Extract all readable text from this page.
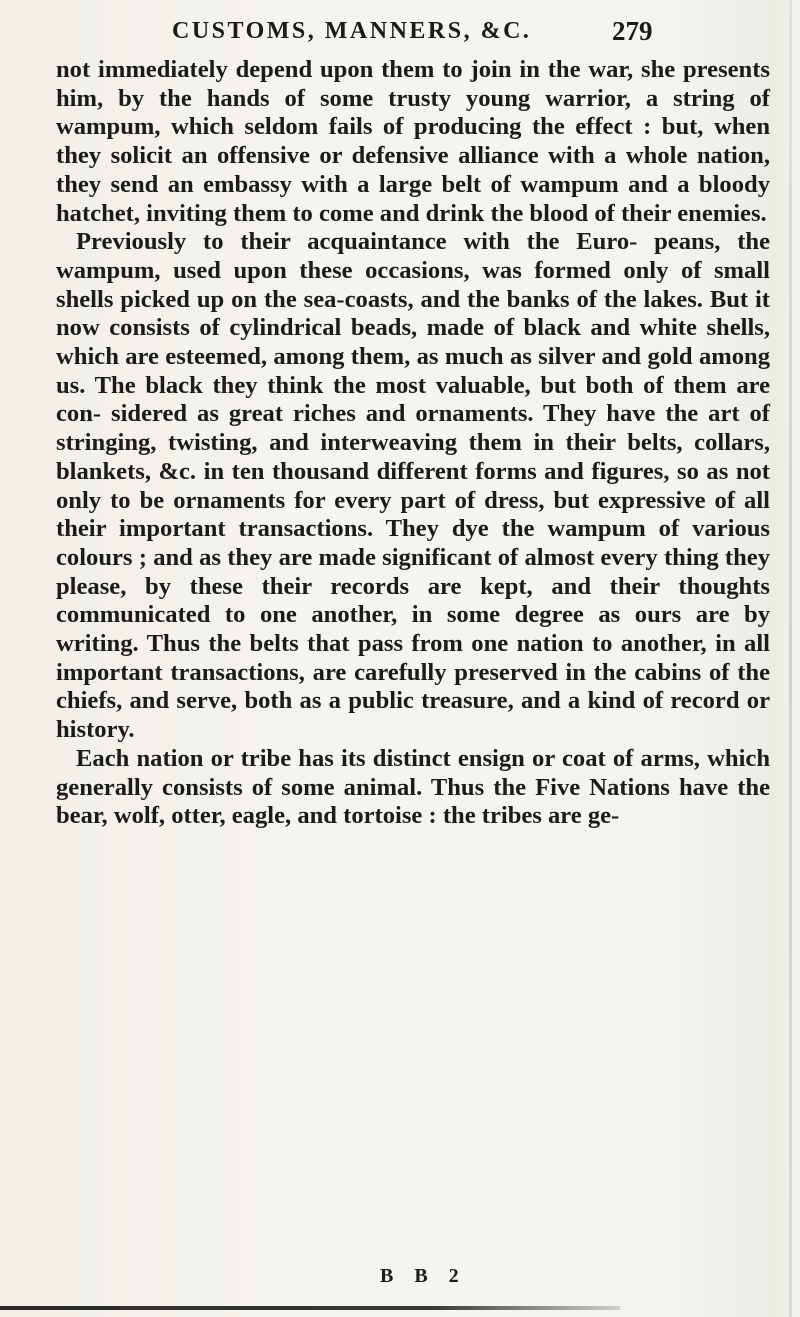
CUSTOMS, MANNERS, &C.	279

not immediately depend upon them to join in the war, she presents him, by the hands of some trusty young warrior, a string of wampum, which seldom fails of producing the effect : but, when they solicit an offensive or defensive alliance with a whole nation, they send an embassy with a large belt of wampum and a bloody hatchet, inviting them to come and drink the blood of their enemies.

Previously to their acquaintance with the Euro- peans, the wampum, used upon these occasions, was formed only of small shells picked up on the sea-coasts, and the banks of the lakes. But it now consists of cylindrical beads, made of black and white shells, which are esteemed, among them, as much as silver and gold among us. The black they think the most valuable, but both of them are con- sidered as great riches and ornaments. They have the art of stringing, twisting, and interweaving them in their belts, collars, blankets, &c. in ten thousand different forms and figures, so as not only to be ornaments for every part of dress, but expressive of all their important transactions. They dye the wampum of various colours ; and as they are made significant of almost every thing they please, by these their records are kept, and their thoughts communicated to one another, in some degree as ours are by writing. Thus the belts that pass from one nation to another, in all important transactions, are carefully preserved in the cabins of the chiefs, and serve, both as a public treasure, and a kind of record or history.

Each nation or tribe has its distinct ensign or coat of arms, which generally consists of some animal. Thus the Five Nations have the bear, wolf, otter, eagle, and tortoise : the tribes are ge-

B B 2
